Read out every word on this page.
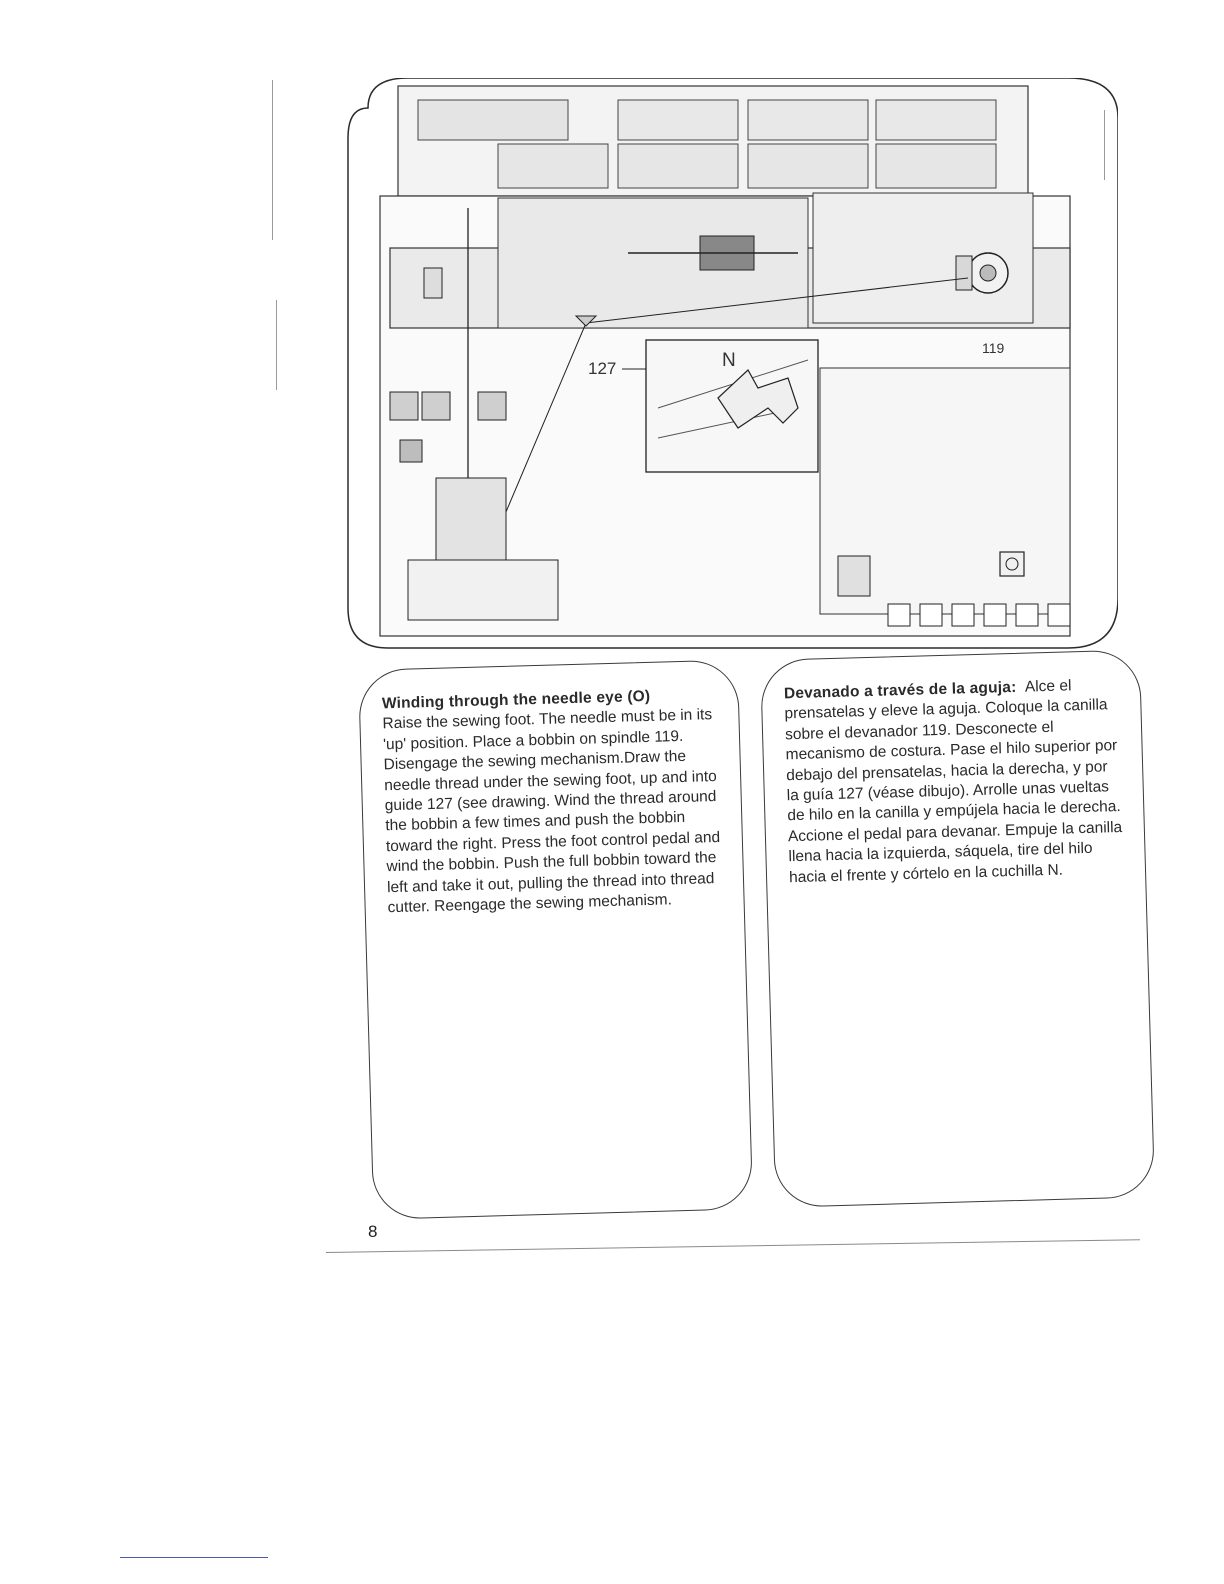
119
127	N
Winding through the needle eye (O)
Raise the sewing foot. The needle must be in its 'up' position. Place a bobbin on spindle 119. Disengage the sewing mechanism.Draw the needle thread under the sewing foot, up and into guide 127 (see drawing. Wind the thread around the bobbin a few times and push the bobbin toward the right. Press the foot control pedal and wind the bobbin. Push the full bobbin toward the left and take it out, pulling the thread into thread cutter. Reengage the sewing mechanism.
Devanado a través de la aguja: Alce el prensatelas y eleve la aguja. Coloque la canilla sobre el devanador 119. Desconecte el mecanismo de costura. Pase el hilo superior por debajo del prensatelas, hacia la derecha, y por la guía 127 (véase dibujo). Arrolle unas vueltas de hilo en la canilla y empújela hacia le derecha. Accione el pedal para devanar. Empuje la canilla llena hacia la izquierda, sáquela, tire del hilo hacia el frente y córtelo en la cuchilla N.
8
